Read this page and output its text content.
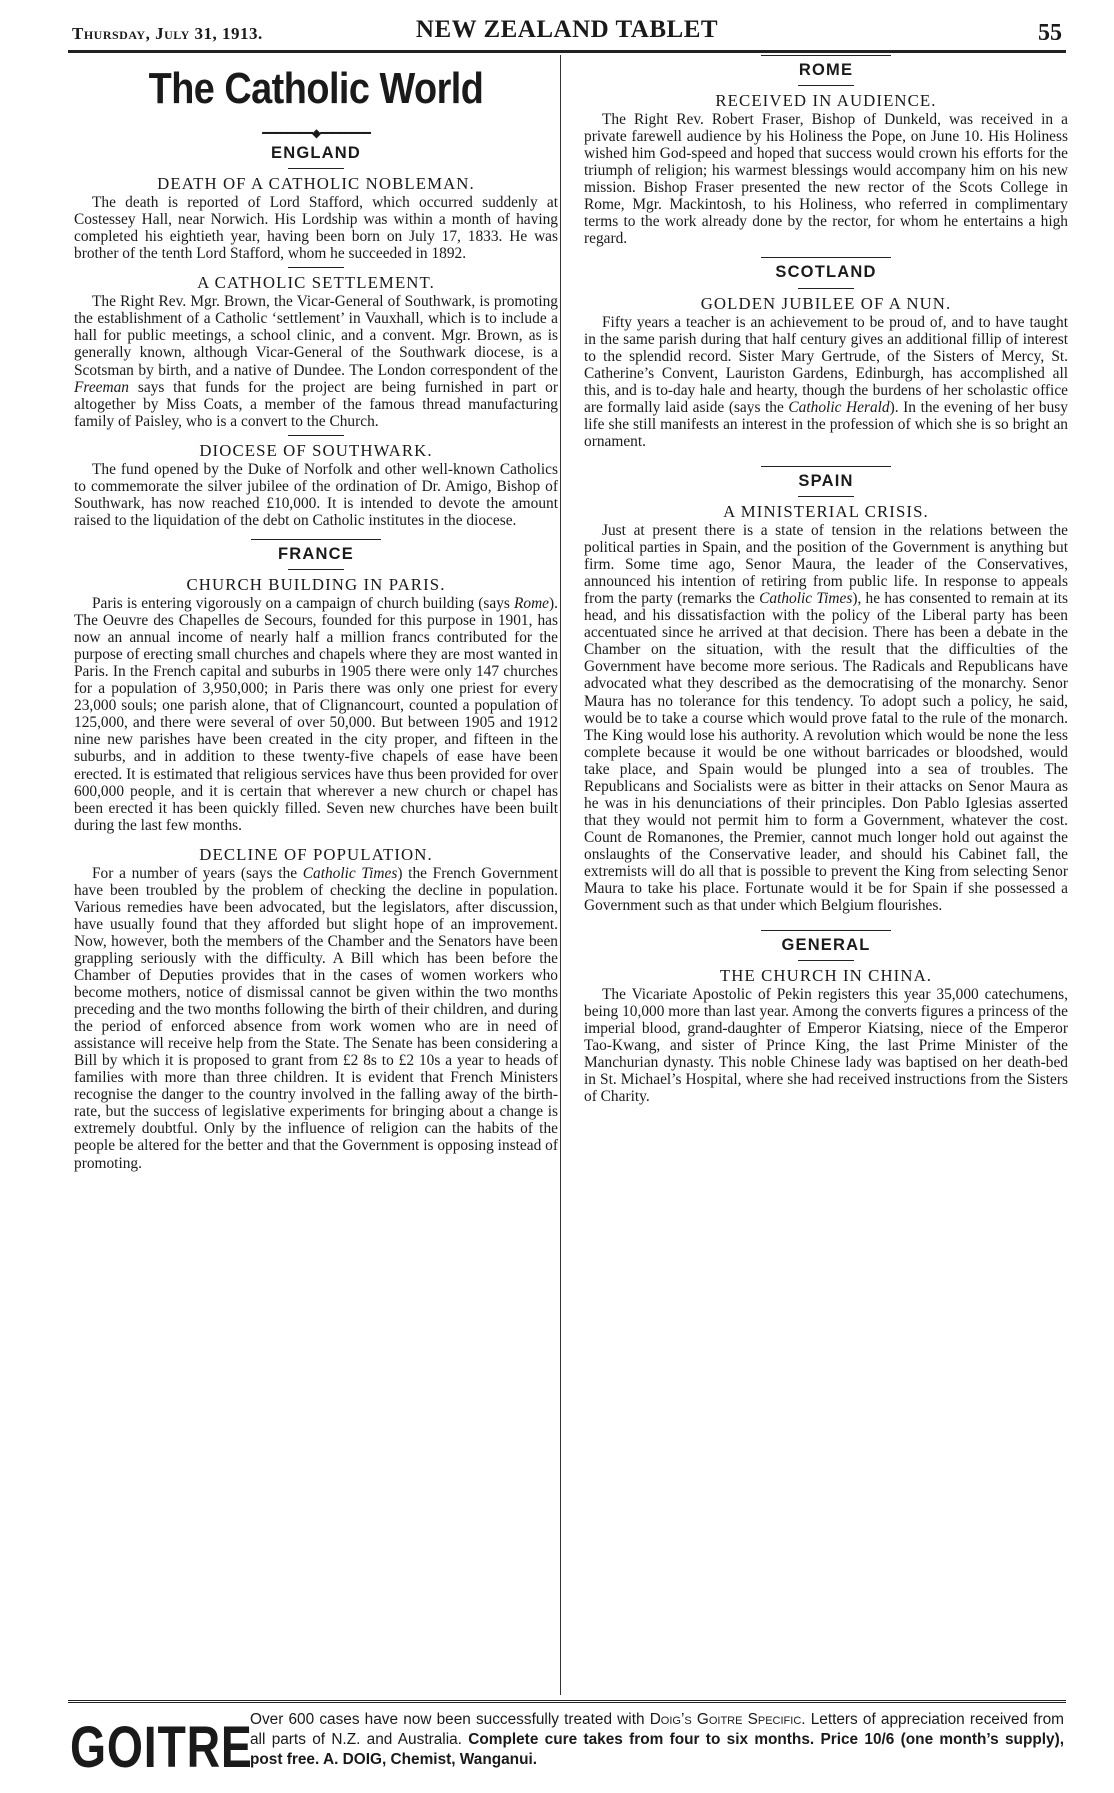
Thursday, July 31, 1913.	NEW ZEALAND TABLET	55
The Catholic World
━━━━━━━━◆━━━━━━━━
ENGLAND
DEATH OF A CATHOLIC NOBLEMAN.

The death is reported of Lord Stafford, which occurred suddenly at Costessey Hall, near Norwich. His Lordship was within a month of having completed his eightieth year, having been born on July 17, 1833. He was brother of the tenth Lord Stafford, whom he succeeded in 1892.

A CATHOLIC SETTLEMENT.

The Right Rev. Mgr. Brown, the Vicar-General of Southwark, is promoting the establishment of a Catholic ‘settlement’ in Vauxhall, which is to include a hall for public meetings, a school clinic, and a convent. Mgr. Brown, as is generally known, although Vicar-General of the Southwark diocese, is a Scotsman by birth, and a native of Dundee. The London correspondent of the Freeman says that funds for the project are being furnished in part or altogether by Miss Coats, a member of the famous thread manufacturing family of Paisley, who is a convert to the Church.

DIOCESE OF SOUTHWARK.

The fund opened by the Duke of Norfolk and other well-known Catholics to commemorate the silver jubilee of the ordination of Dr. Amigo, Bishop of Southwark, has now reached £10,000. It is intended to devote the amount raised to the liquidation of the debt on Catholic institutes in the diocese.

FRANCE
CHURCH BUILDING IN PARIS.

Paris is entering vigorously on a campaign of church building (says Rome). The Oeuvre des Chapelles de Secours, founded for this purpose in 1901, has now an annual income of nearly half a million francs contributed for the purpose of erecting small churches and chapels where they are most wanted in Paris. In the French capital and suburbs in 1905 there were only 147 churches for a population of 3,950,000; in Paris there was only one priest for every 23,000 souls; one parish alone, that of Clignancourt, counted a population of 125,000, and there were several of over 50,000. But between 1905 and 1912 nine new parishes have been created in the city proper, and fifteen in the suburbs, and in addition to these twenty-five chapels of ease have been erected. It is estimated that religious services have thus been provided for over 600,000 people, and it is certain that wherever a new church or chapel has been erected it has been quickly filled. Seven new churches have been built during the last few months.

DECLINE OF POPULATION.

For a number of years (says the Catholic Times) the French Government have been troubled by the problem of checking the decline in population. Various remedies have been advocated, but the legislators, after discussion, have usually found that they afforded but slight hope of an improvement. Now, however, both the members of the Chamber and the Senators have been grappling seriously with the difficulty. A Bill which has been before the Chamber of Deputies provides that in the cases of women workers who become mothers, notice of dismissal cannot be given within the two months preceding and the two months following the birth of their children, and during the period of enforced absence from work women who are in need of assistance will receive help from the State. The Senate has been considering a Bill by which it is proposed to grant from £2 8s to £2 10s a year to heads of families with more than three children. It is evident that French Ministers recognise the danger to the country involved in the falling away of the birth-rate, but the success of legislative experiments for bringing about a change is extremely doubtful. Only by the influence of religion can the habits of the people be altered for the better and that the Government is opposing instead of promoting.

ROME
RECEIVED IN AUDIENCE.

The Right Rev. Robert Fraser, Bishop of Dunkeld, was received in a private farewell audience by his Holiness the Pope, on June 10. His Holiness wished him God-speed and hoped that success would crown his efforts for the triumph of religion; his warmest blessings would accompany him on his new mission. Bishop Fraser presented the new rector of the Scots College in Rome, Mgr. Mackintosh, to his Holiness, who referred in complimentary terms to the work already done by the rector, for whom he entertains a high regard.

SCOTLAND
GOLDEN JUBILEE OF A NUN.

Fifty years a teacher is an achievement to be proud of, and to have taught in the same parish during that half century gives an additional fillip of interest to the splendid record. Sister Mary Gertrude, of the Sisters of Mercy, St. Catherine’s Convent, Lauriston Gardens, Edinburgh, has accomplished all this, and is to-day hale and hearty, though the burdens of her scholastic office are formally laid aside (says the Catholic Herald). In the evening of her busy life she still manifests an interest in the profession of which she is so bright an ornament.

SPAIN
A MINISTERIAL CRISIS.

Just at present there is a state of tension in the relations between the political parties in Spain, and the position of the Government is anything but firm. Some time ago, Senor Maura, the leader of the Conservatives, announced his intention of retiring from public life. In response to appeals from the party (remarks the Catholic Times), he has consented to remain at its head, and his dissatisfaction with the policy of the Liberal party has been accentuated since he arrived at that decision. There has been a debate in the Chamber on the situation, with the result that the difficulties of the Government have become more serious. The Radicals and Republicans have advocated what they described as the democratising of the monarchy. Senor Maura has no tolerance for this tendency. To adopt such a policy, he said, would be to take a course which would prove fatal to the rule of the monarch. The King would lose his authority. A revolution which would be none the less complete because it would be one without barricades or bloodshed, would take place, and Spain would be plunged into a sea of troubles. The Republicans and Socialists were as bitter in their attacks on Senor Maura as he was in his denunciations of their principles. Don Pablo Iglesias asserted that they would not permit him to form a Government, whatever the cost. Count de Romanones, the Premier, cannot much longer hold out against the onslaughts of the Conservative leader, and should his Cabinet fall, the extremists will do all that is possible to prevent the King from selecting Senor Maura to take his place. Fortunate would it be for Spain if she possessed a Government such as that under which Belgium flourishes.

GENERAL
THE CHURCH IN CHINA.

The Vicariate Apostolic of Pekin registers this year 35,000 catechumens, being 10,000 more than last year. Among the converts figures a princess of the imperial blood, grand-daughter of Emperor Kiatsing, niece of the Emperor Tao-Kwang, and sister of Prince King, the last Prime Minister of the Manchurian dynasty. This noble Chinese lady was baptised on her death-bed in St. Michael’s Hospital, where she had received instructions from the Sisters of Charity.

GOITRE
Over 600 cases have now been successfully treated with Doig’s Goitre Specific. Letters of appreciation received from all parts of N.Z. and Australia. Complete cure takes from four to six months. Price 10/6 (one month’s supply), post free. A. DOIG, Chemist, Wanganui.
